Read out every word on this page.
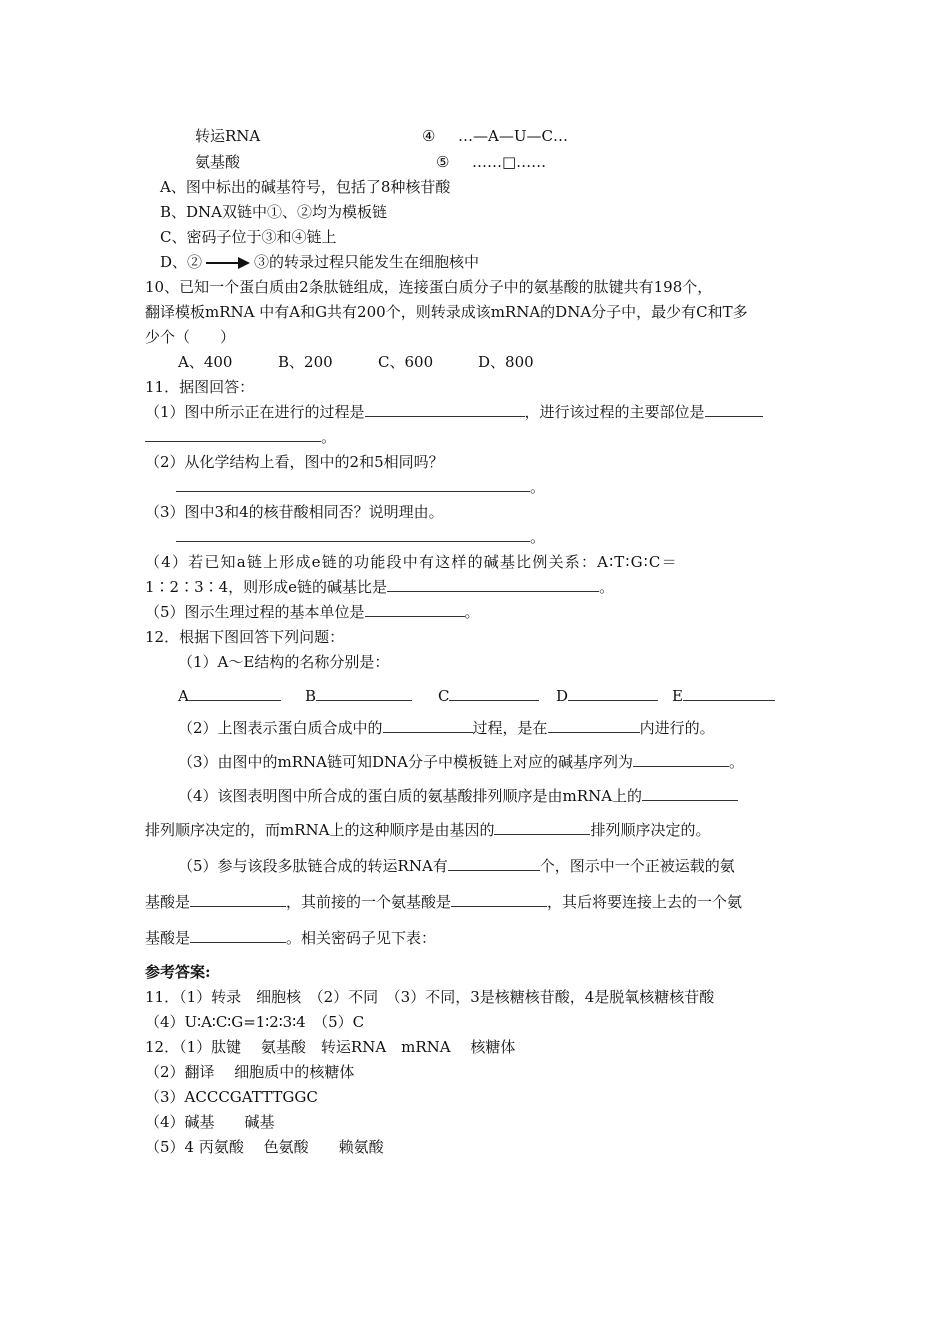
转运RNA	④ …—A—U—C…
氨基酸	⑤ ……□……
A、图中标出的碱基符号，包括了8种核苷酸
B、DNA双链中①、②均为模板链
C、密码子位于③和④链上
D、②	③的转录过程只能发生在细胞核中
10、已知一个蛋白质由2条肽链组成，连接蛋白质分子中的氨基酸的肽键共有198个，
翻译模板mRNA 中有A和G共有200个，则转录成该mRNA的DNA分子中，最少有C和T多
少个（　　）
A、400	B、200	C、600	D、800
11．据图回答：
（1）图中所示正在进行的过程是	，进行该过程的主要部位是
。
（2）从化学结构上看，图中的2和5相同吗？
。
（3）图中3和4的核苷酸相同否？说明理由。
。
（4）若已知a链上形成e链的功能段中有这样的碱基比例关系：A∶T∶G∶C＝
1∶2∶3∶4，则形成e链的碱基比是	。
（5）图示生理过程的基本单位是	。
12．根据下图回答下列问题：
（1）A～E结构的名称分别是：
A	B	C	D	E
（2）上图表示蛋白质合成中的	过程，是在	内进行的。
（3）由图中的mRNA链可知DNA分子中模板链上对应的碱基序列为	。
（4）该图表明图中所合成的蛋白质的氨基酸排列顺序是由mRNA上的
排列顺序决定的，而mRNA上的这种顺序是由基因的	排列顺序决定的。
（5）参与该段多肽链合成的转运RNA有	个，图示中一个正被运载的氨
基酸是	，其前接的一个氨基酸是	，其后将要连接上去的一个氨
基酸是	。相关密码子见下表：
参考答案:
11．（1）转录　细胞核　（2）不同　（3）不同，3是核糖核苷酸，4是脱氧核糖核苷酸
（4）U∶A∶C∶G=1∶2∶3∶4　（5）C
12．（1）肽键　 氨基酸　转运RNA　mRNA　 核糖体
（2）翻译　 细胞质中的核糖体
（3）ACCCGATTTGGC
（4）碱基　　碱基
（5）4 丙氨酸　 色氨酸　　赖氨酸
